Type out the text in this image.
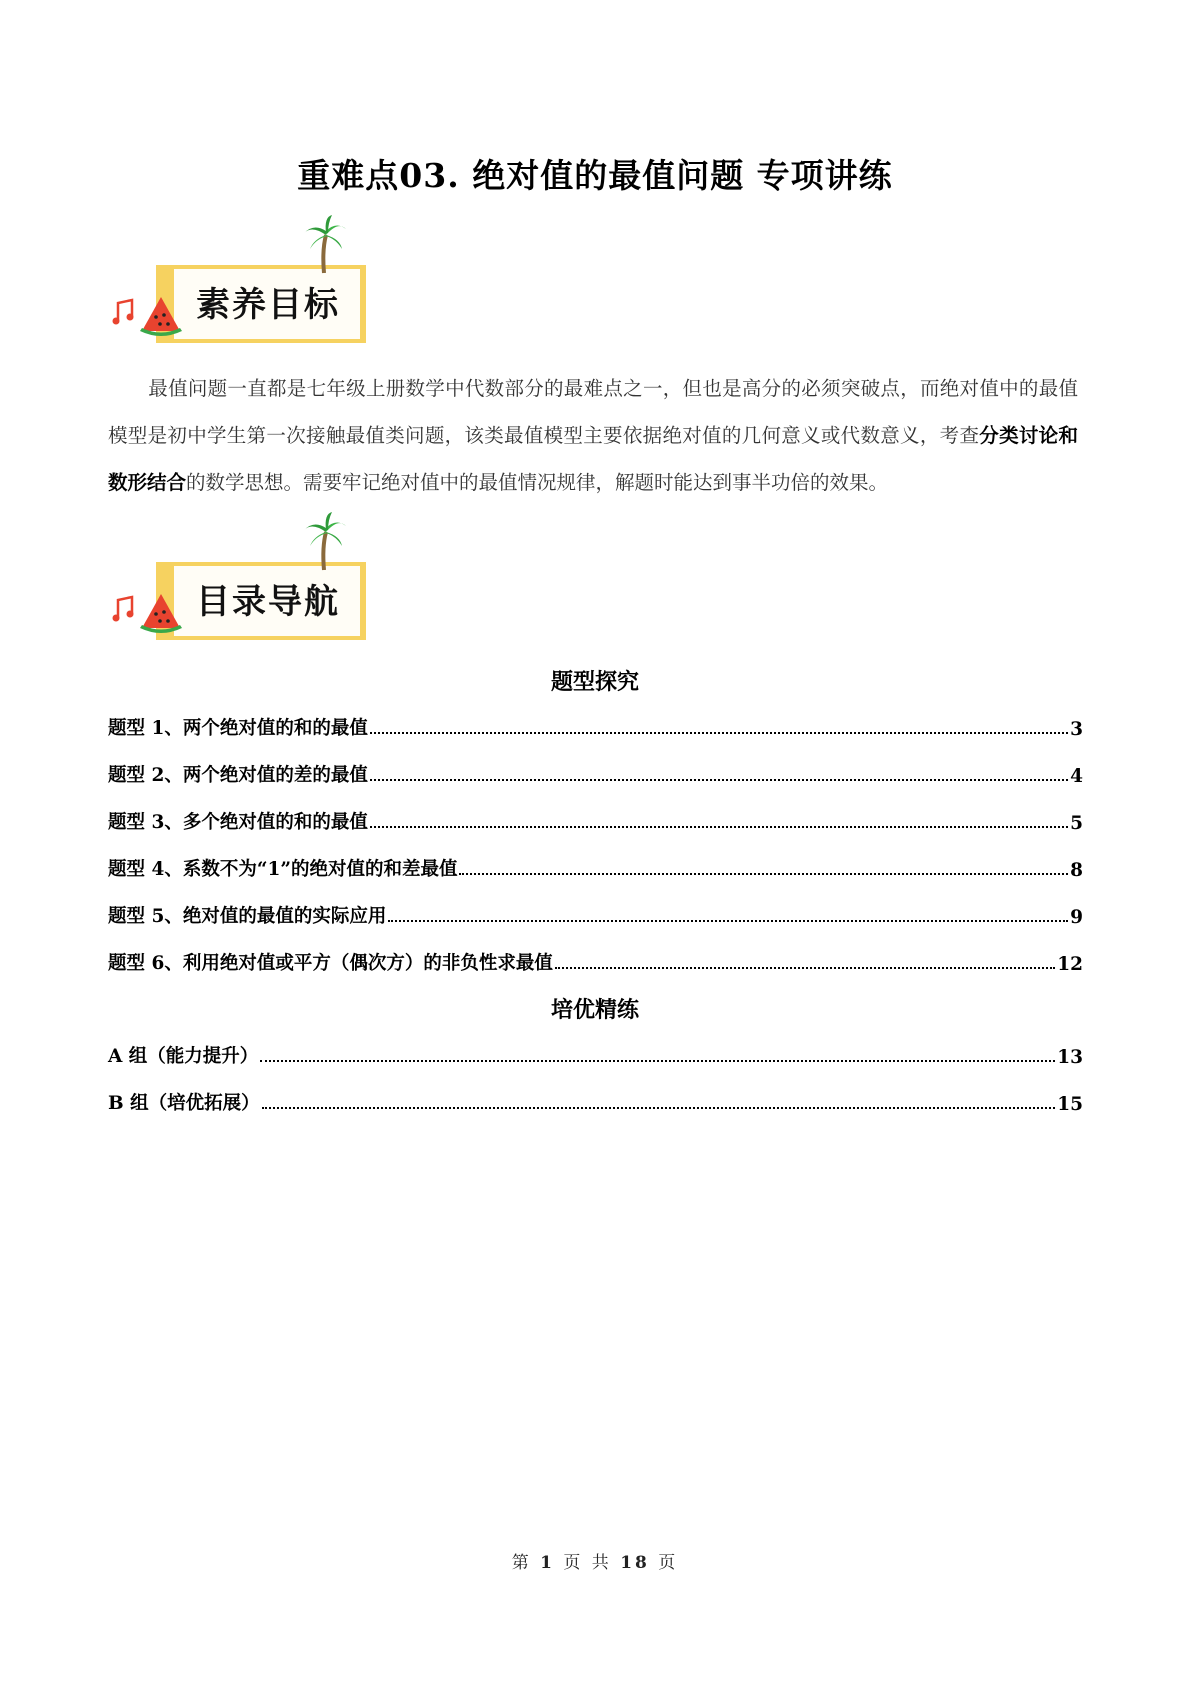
重难点03. 绝对值的最值问题 专项讲练
素养目标
最值问题一直都是七年级上册数学中代数部分的最难点之一，但也是高分的必须突破点，而绝对值中的最值模型是初中学生第一次接触最值类问题，该类最值模型主要依据绝对值的几何意义或代数意义，考查分类讨论和数形结合的数学思想。需要牢记绝对值中的最值情况规律，解题时能达到事半功倍的效果。
目录导航
题型探究
题型 1、两个绝对值的和的最值	3
题型 2、两个绝对值的差的最值	4
题型 3、多个绝对值的和的最值	5
题型 4、系数不为“1”的绝对值的和差最值	8
题型 5、绝对值的最值的实际应用	9
题型 6、利用绝对值或平方（偶次方）的非负性求最值	12
培优精练
A 组（能力提升）	13
B 组（培优拓展）	15
第 1 页 共 18 页
